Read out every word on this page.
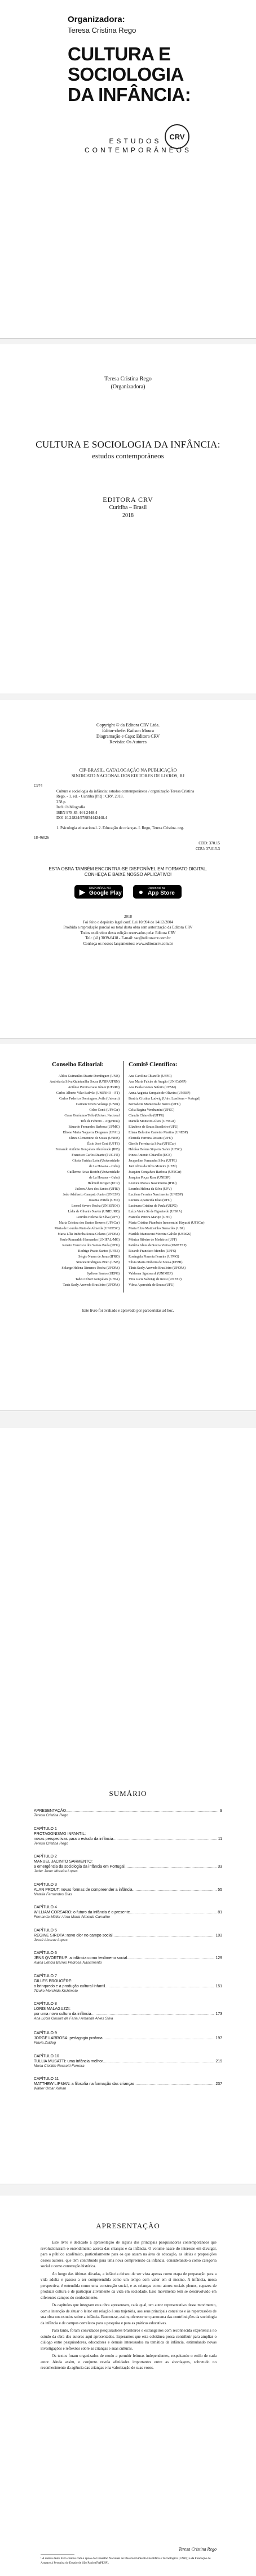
Organizadora:
Teresa Cristina Rego
CULTURA E
SOCIOLOGIA
DA INFÂNCIA:
ESTUDOS
CONTEMPORÂNEOS
CRV
Teresa Cristina Rego
(Organizadora)
CULTURA E SOCIOLOGIA DA INFÂNCIA:
estudos contemporâneos
EDITORA CRV
Curitiba – Brasil
2018
Copyright © da Editora CRV Ltda.
Editor-chefe: Railson Moura
Diagramação e Capa: Editora CRV
Revisão: Os Autores
CIP-BRASIL. CATALOGAÇÃO NA PUBLICAÇÃO
SINDICATO NACIONAL DOS EDITORES DE LIVROS, RJ
C974
Cultura e sociologia da infância: estudos contemporâneos / organização Teresa Cristina
Rego. - 1. ed. - Curitiba [PR] : CRV, 2018.
258 p.
Inclui bibliografia
ISBN 978-85-444-2448-4
DOI 10.24824/978854442448.4
1. Psicologia educacional. 2. Educação de crianças. I. Rego, Teresa Cristina. org.
18-46026
CDD: 370.15
CDU: 37.015.3
ESTA OBRA TAMBÉM ENCONTRA-SE DISPONÍVEL EM FORMATO DIGITAL.
CONHEÇA E BAIXE NOSSO APLICATIVO!
▶	DISPONÍVEL NO
Google Play ●	Disponível na
App Store
2018
Foi feito o depósito legal conf. Lei 10.994 de 14/12/2004
Proibida a reprodução parcial ou total desta obra sem autorização da Editora CRV
Todos os direitos desta edição reservados pela: Editora CRV
Tel.: (41) 3039-6418 - E-mail: sac@editoracrv.com.br
Conheça os nossos lançamentos: www.editoracrv.com.br
Conselho Editorial:	Comitê Científico:
Aldira Guimarães Duarte Domínguez (UNB)
Andréia da Silva Quintanilha Sousa (UNIR/UFRN)
Antônio Pereira Gaio Júnior (UFRRJ)
Carlos Alberto Vilar Estêvão (UMINHO – PT)
Carlos Federico Dominguez Avila (Unieuro)
Carmen Tereza Velanga (UNIR)
Celso Conti (UFSCar)
Cesar Gerónimo Tello (Univer. Nacional
Três de Febrero – Argentina)
Eduardo Fernandes Barbosa (UFMG)
Elione Maria Nogueira Diogenes (UFAL)
Elizeu Clementino de Souza (UNEB)
Élsio José Corá (UFFS)
Fernando Antônio Gonçalves Alcoforado (IPB)
Francisco Carlos Duarte (PUC-PR)
Gloria Fariñas León (Universidade
de La Havana – Cuba)
Guillermo Arias Beatón (Universidade
de La Havana – Cuba)
Helmuth Krüger (UCP)
Jailson Alves dos Santos (UFRJ)
João Adalberto Campato Junior (UNESP)
Josania Portela (UFPI)
Leonel Severo Rocha (UNISINOS)
Lídia de Oliveira Xavier (UNIEURO)
Lourdes Helena da Silva (UFV)
Maria Cristina dos Santos Bezerra (UFSCar)
Maria de Lourdes Pinto de Almeida (UNOESC)
Maria Lília Imbiriba Sousa Colares (UFOPA)
Paulo Romualdo Hernandes (UNIFAL-MG)
Renato Francisco dos Santos Paula (UFG)
Rodrigo Pratte-Santos (UFES)
Sérgio Nunes de Jesus (IFRO)
Simone Rodrigues Pinto (UNB)
Solange Helena Ximenes-Rocha (UFOPA)
Sydione Santos (UEPG)
Tadeu Oliver Gonçalves (UFPA)
Tania Suely Azevedo Brasileiro (UFOPA)
Ana Carolina Chiarello (UFPR)
Ana Maria Falcão de Aragão (UNICAMP)
Ana Paula Gomes Seferin (UFSM)
Anna Augusta Sampaio de Oliveira (UNESP)
Beatriz Cristina Ludwig (Univ. Lusófona – Portugal)
Bernadette Monteiro de Barros (UFU)
Celia Regina Vendramini (UFSC)
Claudia Chiarello (UFPR)
Daniela Monteiro Alves (UFSCar)
Elizabete de Souza Brasileiro (UFU)
Eliana Bolorino Canteiro Martins (UNESP)
Florinda Ferreira Rossini (UFU)
Giselle Ferreira da Silva (UFSCar)
Heloísa Helena Siqueira Sahm (UFSC)
Irineu Antonio Chiarello (UCS)
Jacqueline Fernandes Silva (UFPE)
Jani Alves da Silva Moreira (UEM)
Joaquim Gonçalves Barbosa (UFSCar)
Joaquim Poças Rosa (UNESP)
Leonice Morais Nascimento (IFRJ)
Lourdes Helena da Silva (UFV)
Lucilene Ferreira Nascimento (UNESP)
Luciana Aparecida Elias (UFU)
Lucimara Cristina de Paula (UEPG)
Luíza Vieira Sá de Figueiredo (UFMA)
Marcelo Pereira Marujo (UFPI)
Maria Cristina Piumbato Innocentini Hayashi (UFSCar)
Maria Eliza Mattosinho Bernardes (USP)
Marilda Mantovani Moreira Galvão (UFRGS)
Mônica Ribeiro de Medeiros (UFF)
Patrícia Alves de Souza Vieira (UNIFESP)
Ricardo Francisco Mendes (UFFS)
Rosângela Pimenta Ferreira (UFMG)
Silvia Maria Pinheiro de Souza (UFPR)
Tânia Suely Azevedo Brasileiro (UFOPA)
Valdemar Sguissardi (UNIMEP)
Vera Lucia Sabongi de Rossi (UNESP)
Vilma Aparecida de Souza (UFU)
Este livro foi avaliado e aprovado por pareceristas ad hoc.
SUMÁRIO
APRESENTAÇÃO .....	9
Teresa Cristina Rego
CAPÍTULO 1
PROTAGONISMO INFANTIL:
novas perspectivas para o estudo da infância .....	11
Teresa Cristina Rego
CAPÍTULO 2
MANUEL JACINTO SARMENTO:
a emergência da sociologia da infância em Portugal .....	33
Jader Janer Moreira Lopes
CAPÍTULO 3
ALAN PROUT: novas formas de compreender a infância .....	55
Natalia Fernandes Dias
CAPÍTULO 4
WILLIAM CORSARO: o futuro da infância é o presente .....	81
Fernanda Müller / Ana Maria Almeida Carvalho
CAPÍTULO 5
RÉGINE SIROTA: novo olor no campo social .....	103
Jessé Alcaraz Lopes
CAPÍTULO 6
JENS QVORTRUP: a infância como fenômeno social .....	129
Alana Letícia Barros Pedrosa Nascimento
CAPÍTULO 7
GILLES BROUGÈRE:
o brinquedo e a produção cultural infantil .....	151
Tizuko Morchida Kishimoto
CAPÍTULO 8
LORIS MALAGUZZI:
por uma nova cultura da infância .....	173
Ana Lúcia Goulart de Faria / Amanda Alves Silva
CAPÍTULO 9
JORGE LARROSA: pedagogia profana .....	197
Flávia Zuldeg
CAPÍTULO 10
TULLIA MUSATTI: uma infância melhor .....	219
Maria Clotilde Rossetti Ferreira
CAPÍTULO 11
MATTHEW LIPMAN: a filosofia na formação das crianças .....	237
Walter Omar Kohan
APRESENTAÇÃO

Este livro é dedicado à apresentação de alguns dos principais pesquisadores contemporâneos que revolucionaram o entendimento acerca das crianças e da infância. O volume nasce do interesse em divulgar, para o público acadêmico, particularmente para os que atuam na área da educação, as ideias e proposições desses autores, que têm contribuído para uma nova compreensão da infância, considerando-a como categoria social e como construção histórica.

Ao longo das últimas décadas, a infância deixou de ser vista apenas como etapa de preparação para a vida adulta e passou a ser compreendida como um tempo com valor em si mesmo. A infância, nessa perspectiva, é entendida como uma construção social, e as crianças como atores sociais plenos, capazes de produzir cultura e de participar ativamente da vida em sociedade. Esse movimento tem se desenvolvido em diferentes campos do conhecimento.

Os capítulos que integram esta obra apresentam, cada qual, um autor representativo desse movimento, com a intenção de situar o leitor em relação à sua trajetória, aos seus principais conceitos e às repercussões de sua obra nos estudos sobre a infância. Buscou-se, assim, oferecer um panorama das contribuições da sociologia da infância e de campos correlatos para a pesquisa e para as práticas educativas.

Para tanto, foram convidados pesquisadores brasileiros e estrangeiros com reconhecida experiência no estudo da obra dos autores aqui apresentados. Esperamos que esta coletânea possa contribuir para ampliar o diálogo entre pesquisadores, educadores e demais interessados na temática da infância, estimulando novas investigações e reflexões sobre as crianças e suas culturas.

Os textos foram organizados de modo a permitir leituras independentes, respeitando o estilo de cada autor. Ainda assim, o conjunto revela afinidades importantes entre as abordagens, sobretudo no reconhecimento da agência das crianças e na valorização de suas vozes.

Teresa Cristina Rego
¹ A autora deste livro contou com o apoio do Conselho Nacional de Desenvolvimento Científico e Tecnológico (CNPq) e da Fundação de Amparo à Pesquisa do Estado de São Paulo (FAPESP).
